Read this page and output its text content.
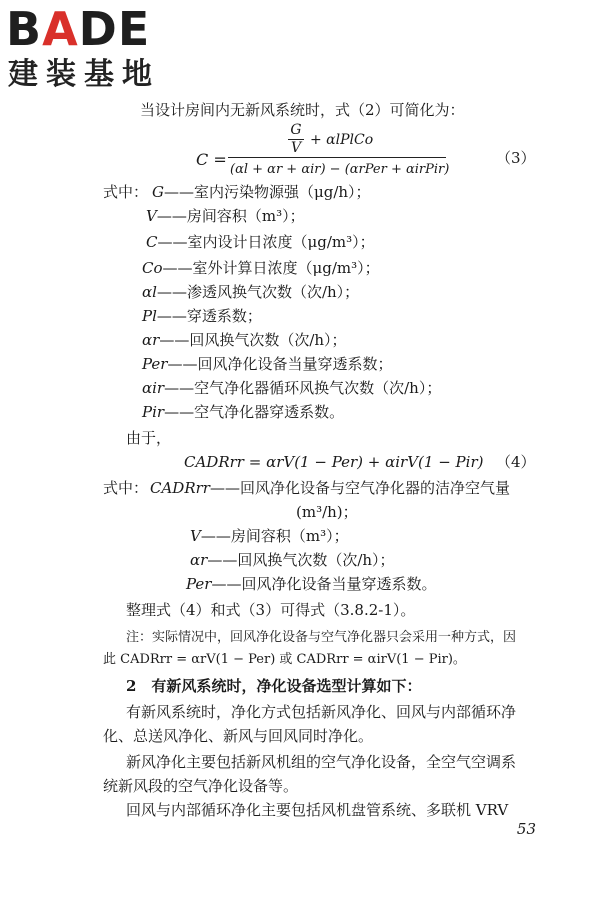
BADE
建装基地
当设计房间内无新风系统时，式（2）可简化为：
C =
G
V + αlPlCo
(αl + αr + αir) − (αrPer + αirPir)
（3）
式中： G——室内污染物源强（μg/h）；
V——房间容积（m³）；
C——室内设计日浓度（μg/m³）；
Co——室外计算日浓度（μg/m³）；
αl——渗透风换气次数（次/h）；
Pl——穿透系数；
αr——回风换气次数（次/h）；
Per——回风净化设备当量穿透系数；
αir——空气净化器循环风换气次数（次/h）；
Pir——空气净化器穿透系数。
由于，
CADRrr = αrV(1 − Per) + αirV(1 − Pir) （4）
式中： CADRrr——回风净化设备与空气净化器的洁净空气量
(m³/h)；
V——房间容积（m³）；
αr——回风换气次数（次/h）；
Per——回风净化设备当量穿透系数。
整理式（4）和式（3）可得式（3.8.2-1）。
注：实际情况中，回风净化设备与空气净化器只会采用一种方式，因
此 CADRrr = αrV(1 − Per) 或 CADRrr = αirV(1 − Pir)。
2　有新风系统时，净化设备选型计算如下：
有新风系统时，净化方式包括新风净化、回风与内部循环净
化、总送风净化、新风与回风同时净化。
新风净化主要包括新风机组的空气净化设备，全空气空调系
统新风段的空气净化设备等。
回风与内部循环净化主要包括风机盘管系统、多联机 VRV
53
